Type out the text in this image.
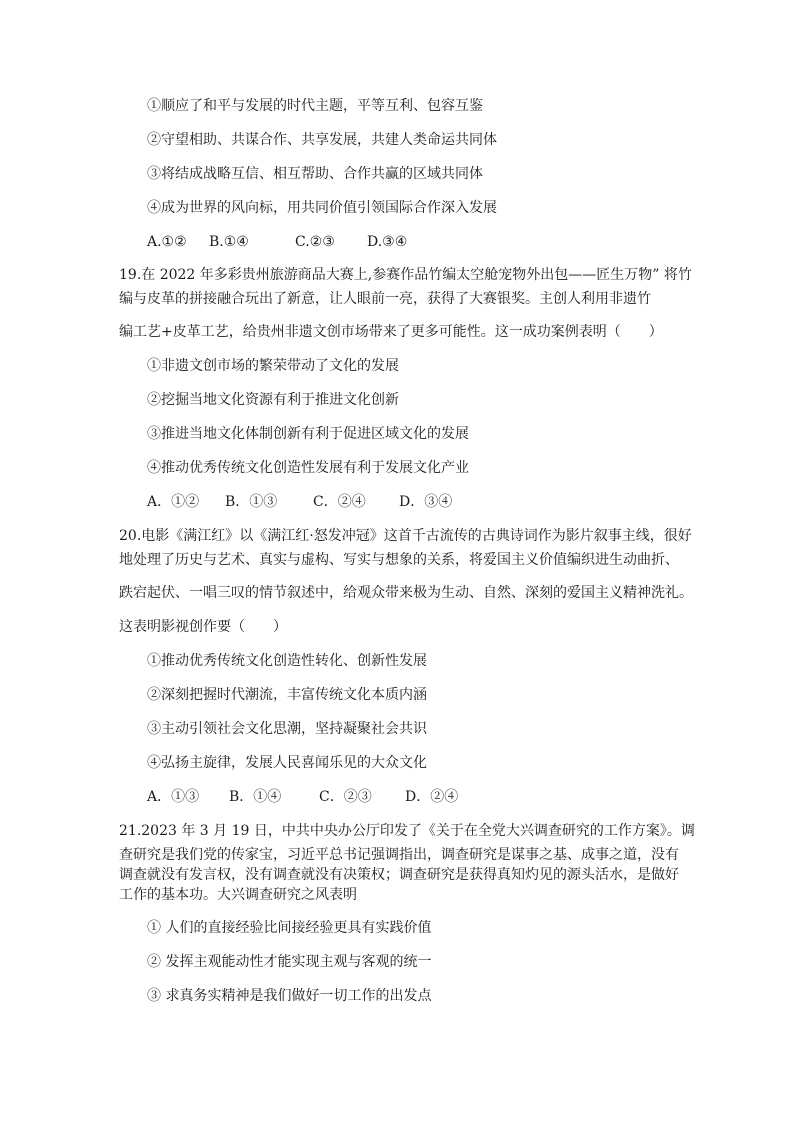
①顺应了和平与发展的时代主题，平等互利、包容互鉴
②守望相助、共谋合作、共享发展，共建人类命运共同体
③将结成战略互信、相互帮助、合作共赢的区域共同体
④成为世界的风向标，用共同价值引领国际合作深入发展
A.①② B.①④	C.②③ D.③④
19.在 2022 年多彩贵州旅游商品大赛上,参赛作品竹编太空舱宠物外出包——匠生万物” 将竹
编与皮革的拼接融合玩出了新意，让人眼前一亮，获得了大赛银奖。主创人利用非遗竹
编工艺+皮革工艺，给贵州非遗文创市场带来了更多可能性。这一成功案例表明（　　）
①非遗文创市场的繁荣带动了文化的发展
②挖掘当地文化资源有利于推进文化创新
③推进当地文化体制创新有利于促进区域文化的发展
④推动优秀传统文化创造性发展有利于发展文化产业
A．①② B．①③	C．②④ D．③④
20.电影《满江红》以《满江红·怒发冲冠》这首千古流传的古典诗词作为影片叙事主线，很好
地处理了历史与艺术、真实与虚构、写实与想象的关系，将爱国主义价值编织进生动曲折、
跌宕起伏、一唱三叹的情节叙述中，给观众带来极为生动、自然、深刻的爱国主义精神洗礼。
这表明影视创作要（　　）
①推动优秀传统文化创造性转化、创新性发展
②深刻把握时代潮流，丰富传统文化本质内涵
③主动引领社会文化思潮，坚持凝聚社会共识
④弘扬主旋律，发展人民喜闻乐见的大众文化
A．①③ B．①④	C．②③ D．②④
21.2023 年 3 月 19 日，中共中央办公厅印发了《关于在全党大兴调查研究的工作方案》。调
查研究是我们党的传家宝，习近平总书记强调指出，调查研究是谋事之基、成事之道，没有
调查就没有发言权，没有调查就没有决策权；调查研究是获得真知灼见的源头活水，是做好
工作的基本功。大兴调查研究之风表明
① 人们的直接经验比间接经验更具有实践价值
② 发挥主观能动性才能实现主观与客观的统一
③ 求真务实精神是我们做好一切工作的出发点
